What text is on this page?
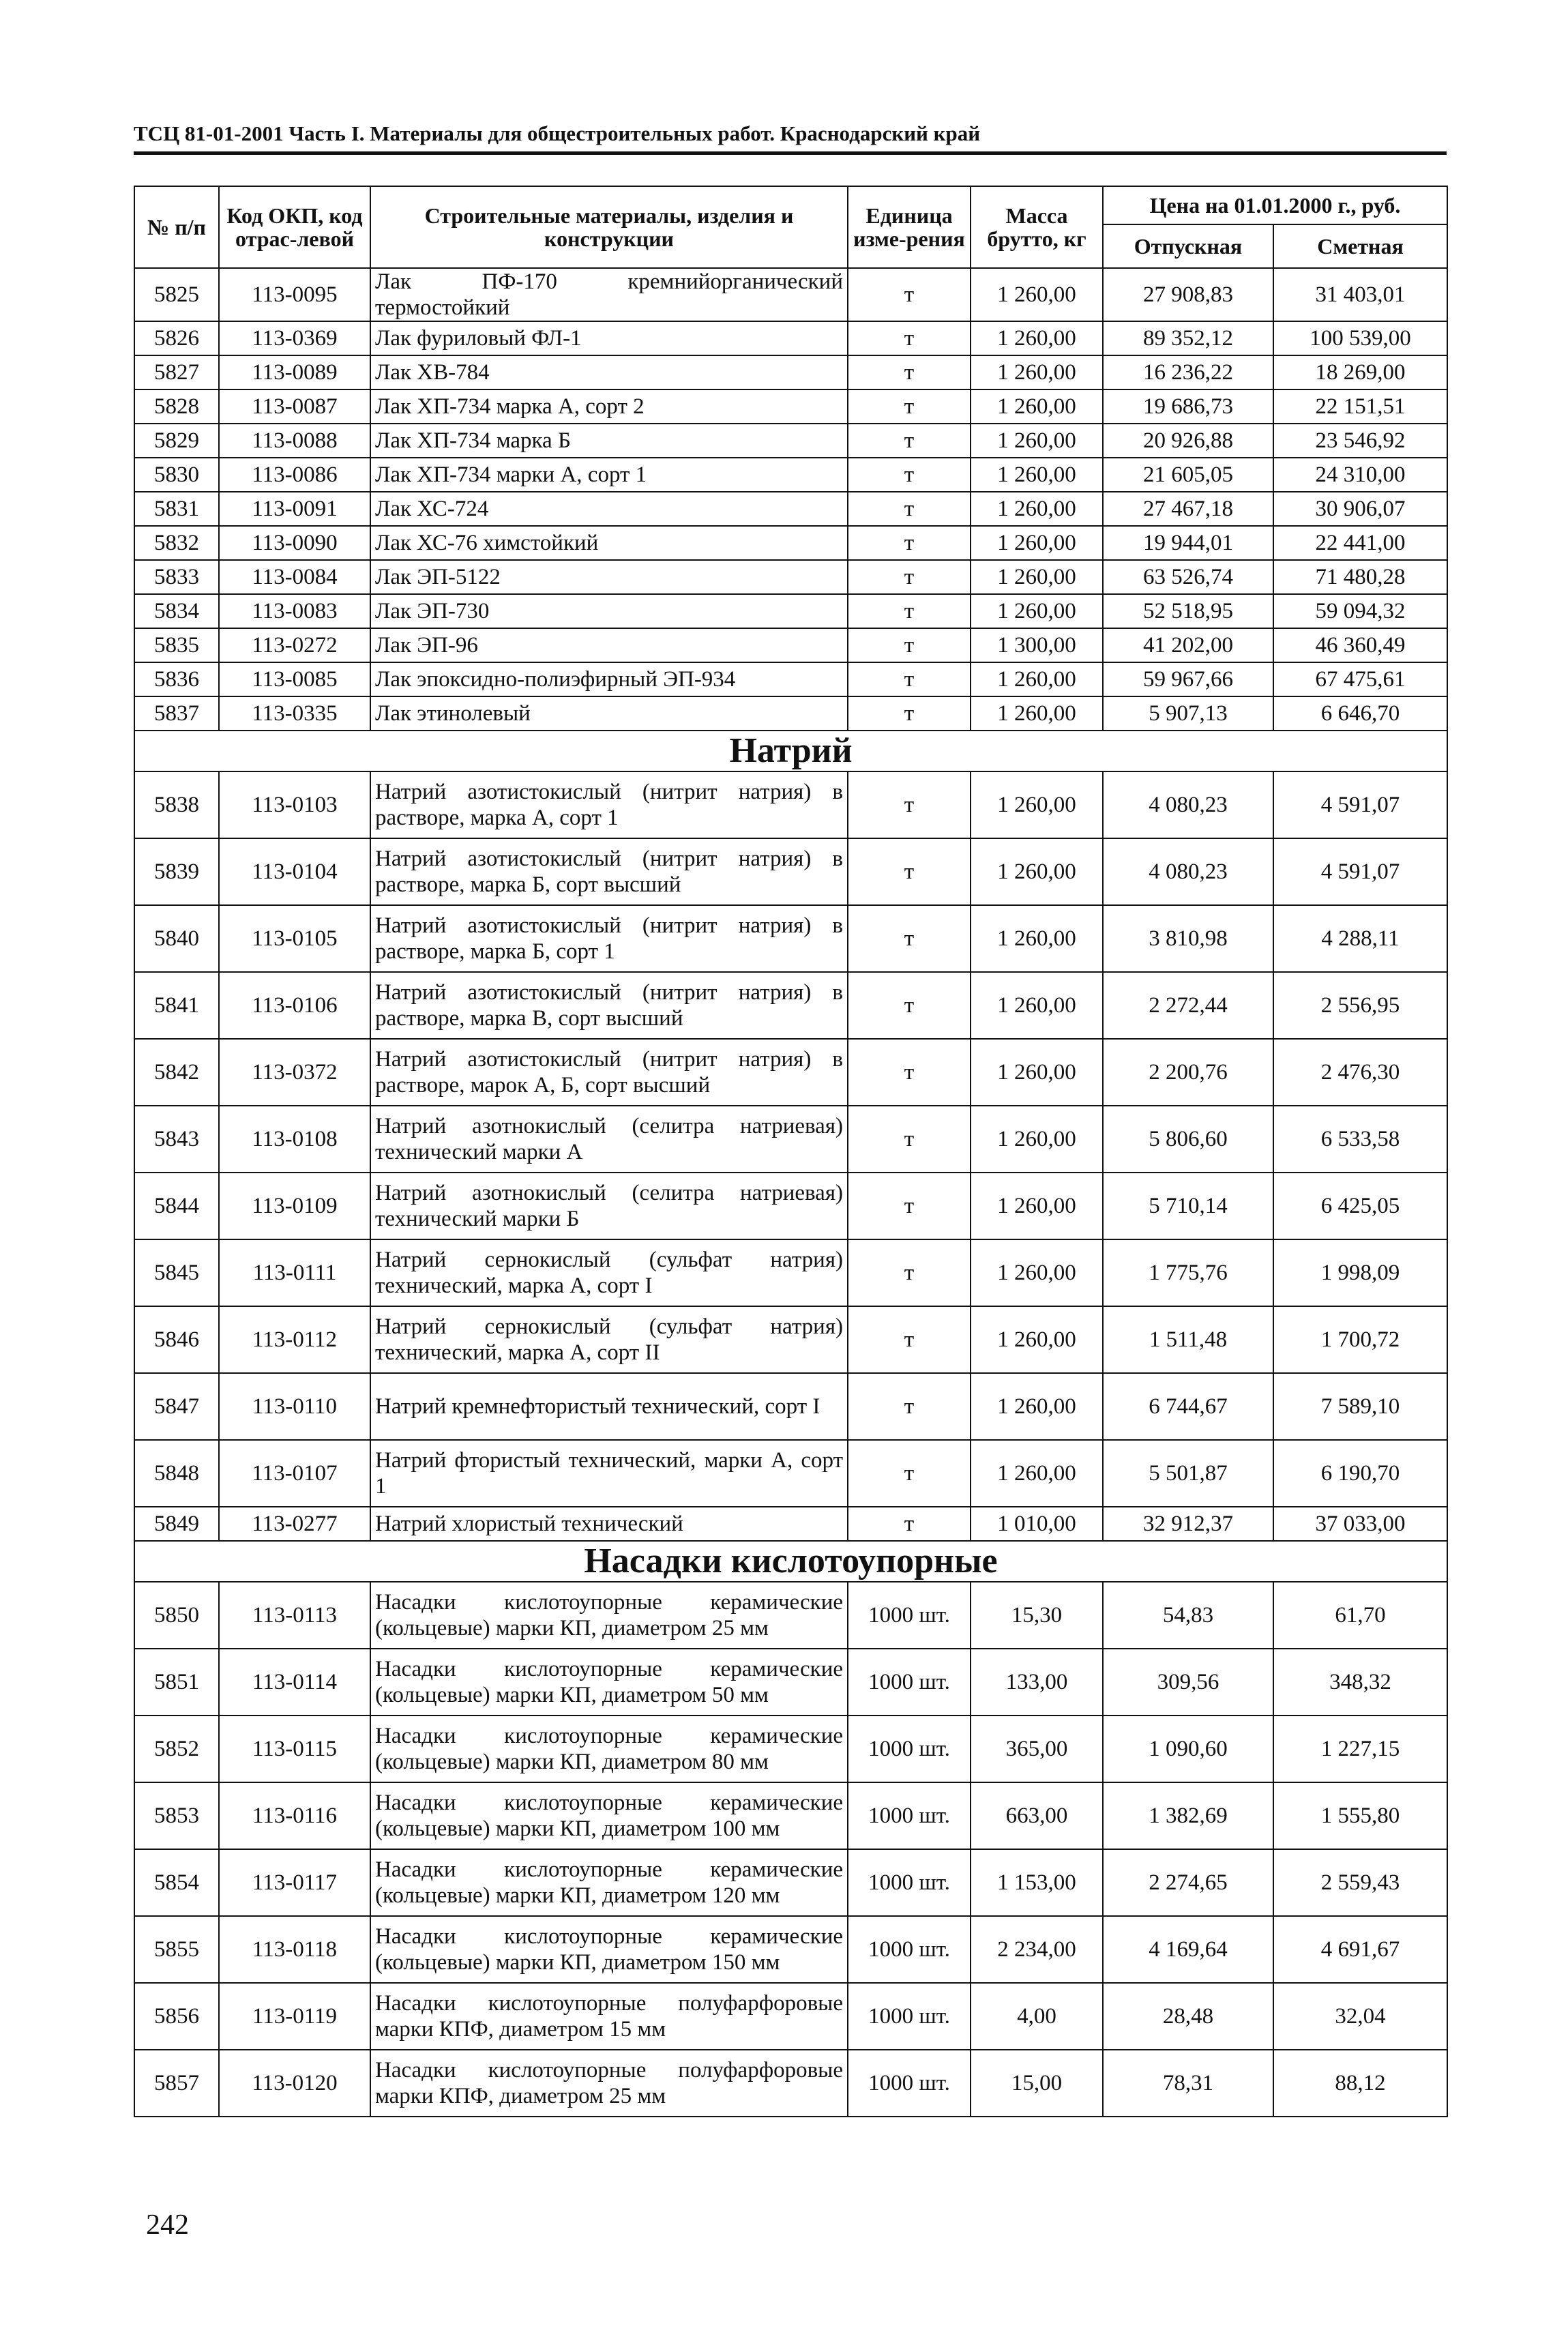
ТСЦ 81-01-2001 Часть I. Материалы для общестроительных работ. Краснодарский край
№ п/п	Код ОКП, код отрас-левой	Строительные материалы, изделия и конструкции	Единица изме-рения	Масса брутто, кг	Цена на 01.01.2000 г., руб.	
					Отпускная	Сметная
5825	113-0095	Лак ПФ-170 кремнийорганический термостойкий	т	1 260,00	27 908,83	31 403,01
5826	113-0369	Лак фуриловый ФЛ-1	т	1 260,00	89 352,12	100 539,00
5827	113-0089	Лак ХВ-784	т	1 260,00	16 236,22	18 269,00
5828	113-0087	Лак ХП-734 марка А, сорт 2	т	1 260,00	19 686,73	22 151,51
5829	113-0088	Лак ХП-734 марка Б	т	1 260,00	20 926,88	23 546,92
5830	113-0086	Лак ХП-734 марки А, сорт 1	т	1 260,00	21 605,05	24 310,00
5831	113-0091	Лак ХС-724	т	1 260,00	27 467,18	30 906,07
5832	113-0090	Лак ХС-76 химстойкий	т	1 260,00	19 944,01	22 441,00
5833	113-0084	Лак ЭП-5122	т	1 260,00	63 526,74	71 480,28
5834	113-0083	Лак ЭП-730	т	1 260,00	52 518,95	59 094,32
5835	113-0272	Лак ЭП-96	т	1 300,00	41 202,00	46 360,49
5836	113-0085	Лак эпоксидно-полиэфирный ЭП-934	т	1 260,00	59 967,66	67 475,61
5837	113-0335	Лак этинолевый	т	1 260,00	5 907,13	6 646,70
Натрий						
5838	113-0103	Натрий азотистокислый (нитрит натрия) в растворе, марка А, сорт 1	т	1 260,00	4 080,23	4 591,07
5839	113-0104	Натрий азотистокислый (нитрит натрия) в растворе, марка Б, сорт высший	т	1 260,00	4 080,23	4 591,07
5840	113-0105	Натрий азотистокислый (нитрит натрия) в растворе, марка Б, сорт 1	т	1 260,00	3 810,98	4 288,11
5841	113-0106	Натрий азотистокислый (нитрит натрия) в растворе, марка В, сорт высший	т	1 260,00	2 272,44	2 556,95
5842	113-0372	Натрий азотистокислый (нитрит натрия) в растворе, марок А, Б, сорт высший	т	1 260,00	2 200,76	2 476,30
5843	113-0108	Натрий азотнокислый (селитра натриевая) технический марки А	т	1 260,00	5 806,60	6 533,58
5844	113-0109	Натрий азотнокислый (селитра натриевая) технический марки Б	т	1 260,00	5 710,14	6 425,05
5845	113-0111	Натрий сернокислый (сульфат натрия) технический, марка А, сорт I	т	1 260,00	1 775,76	1 998,09
5846	113-0112	Натрий сернокислый (сульфат натрия) технический, марка А, сорт II	т	1 260,00	1 511,48	1 700,72
5847	113-0110	Натрий кремнефтористый технический, сорт I	т	1 260,00	6 744,67	7 589,10
5848	113-0107	Натрий фтористый технический, марки А, сорт 1	т	1 260,00	5 501,87	6 190,70
5849	113-0277	Натрий хлористый технический	т	1 010,00	32 912,37	37 033,00
Насадки кислотоупорные						
5850	113-0113	Насадки кислотоупорные керамические (кольцевые) марки КП, диаметром 25 мм	1000 шт.	15,30	54,83	61,70
5851	113-0114	Насадки кислотоупорные керамические (кольцевые) марки КП, диаметром 50 мм	1000 шт.	133,00	309,56	348,32
5852	113-0115	Насадки кислотоупорные керамические (кольцевые) марки КП, диаметром 80 мм	1000 шт.	365,00	1 090,60	1 227,15
5853	113-0116	Насадки кислотоупорные керамические (кольцевые) марки КП, диаметром 100 мм	1000 шт.	663,00	1 382,69	1 555,80
5854	113-0117	Насадки кислотоупорные керамические (кольцевые) марки КП, диаметром 120 мм	1000 шт.	1 153,00	2 274,65	2 559,43
5855	113-0118	Насадки кислотоупорные керамические (кольцевые) марки КП, диаметром 150 мм	1000 шт.	2 234,00	4 169,64	4 691,67
5856	113-0119	Насадки кислотоупорные полуфарфоровые марки КПФ, диаметром 15 мм	1000 шт.	4,00	28,48	32,04
5857	113-0120	Насадки кислотоупорные полуфарфоровые марки КПФ, диаметром 25 мм	1000 шт.	15,00	78,31	88,12
242
